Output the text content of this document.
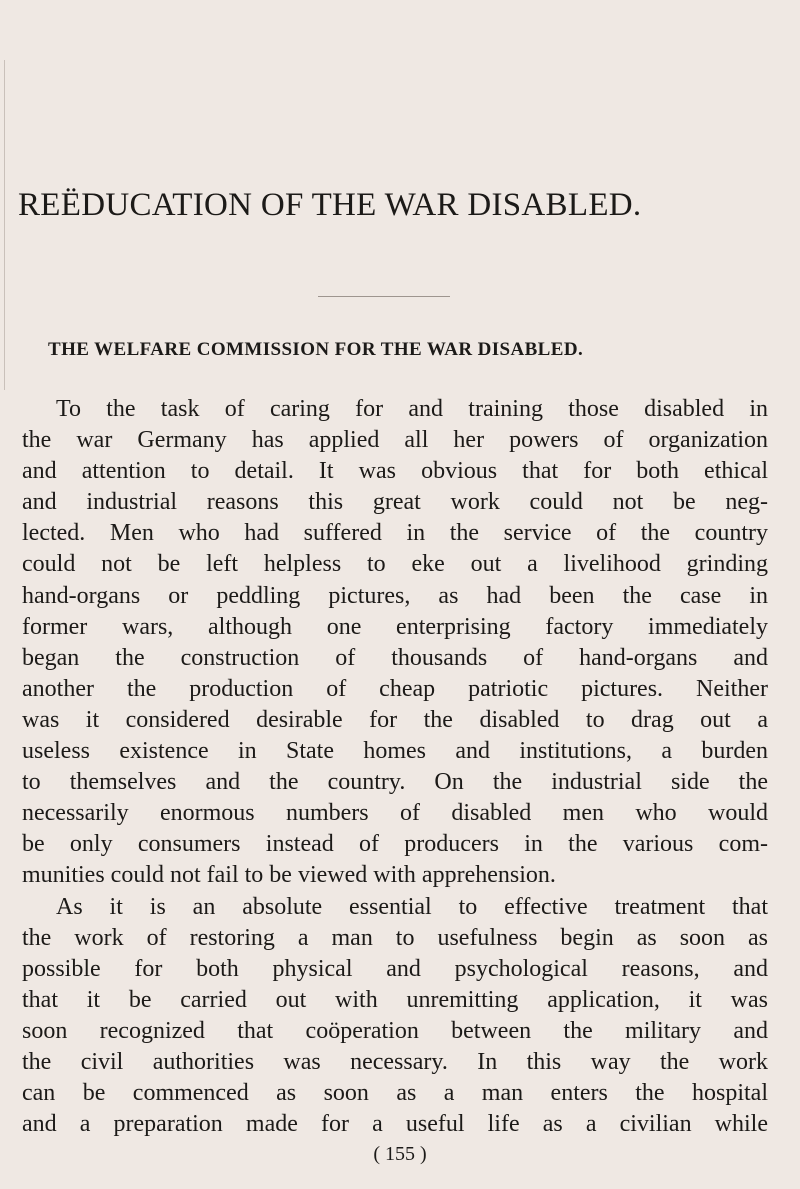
REËDUCATION OF THE WAR DISABLED.
THE WELFARE COMMISSION FOR THE WAR DISABLED.
To the task of caring for and training those disabled in
the war Germany has applied all her powers of organization
and attention to detail. It was obvious that for both ethical
and industrial reasons this great work could not be neg-
lected. Men who had suffered in the service of the country
could not be left helpless to eke out a livelihood grinding
hand-organs or peddling pictures, as had been the case in
former wars, although one enterprising factory immediately
began the construction of thousands of hand-organs and
another the production of cheap patriotic pictures. Neither
was it considered desirable for the disabled to drag out a
useless existence in State homes and institutions, a burden
to themselves and the country. On the industrial side the
necessarily enormous numbers of disabled men who would
be only consumers instead of producers in the various com-
munities could not fail to be viewed with apprehension.
As it is an absolute essential to effective treatment that
the work of restoring a man to usefulness begin as soon as
possible for both physical and psychological reasons, and
that it be carried out with unremitting application, it was
soon recognized that coöperation between the military and
the civil authorities was necessary. In this way the work
can be commenced as soon as a man enters the hospital
and a preparation made for a useful life as a civilian while

( 155 )
